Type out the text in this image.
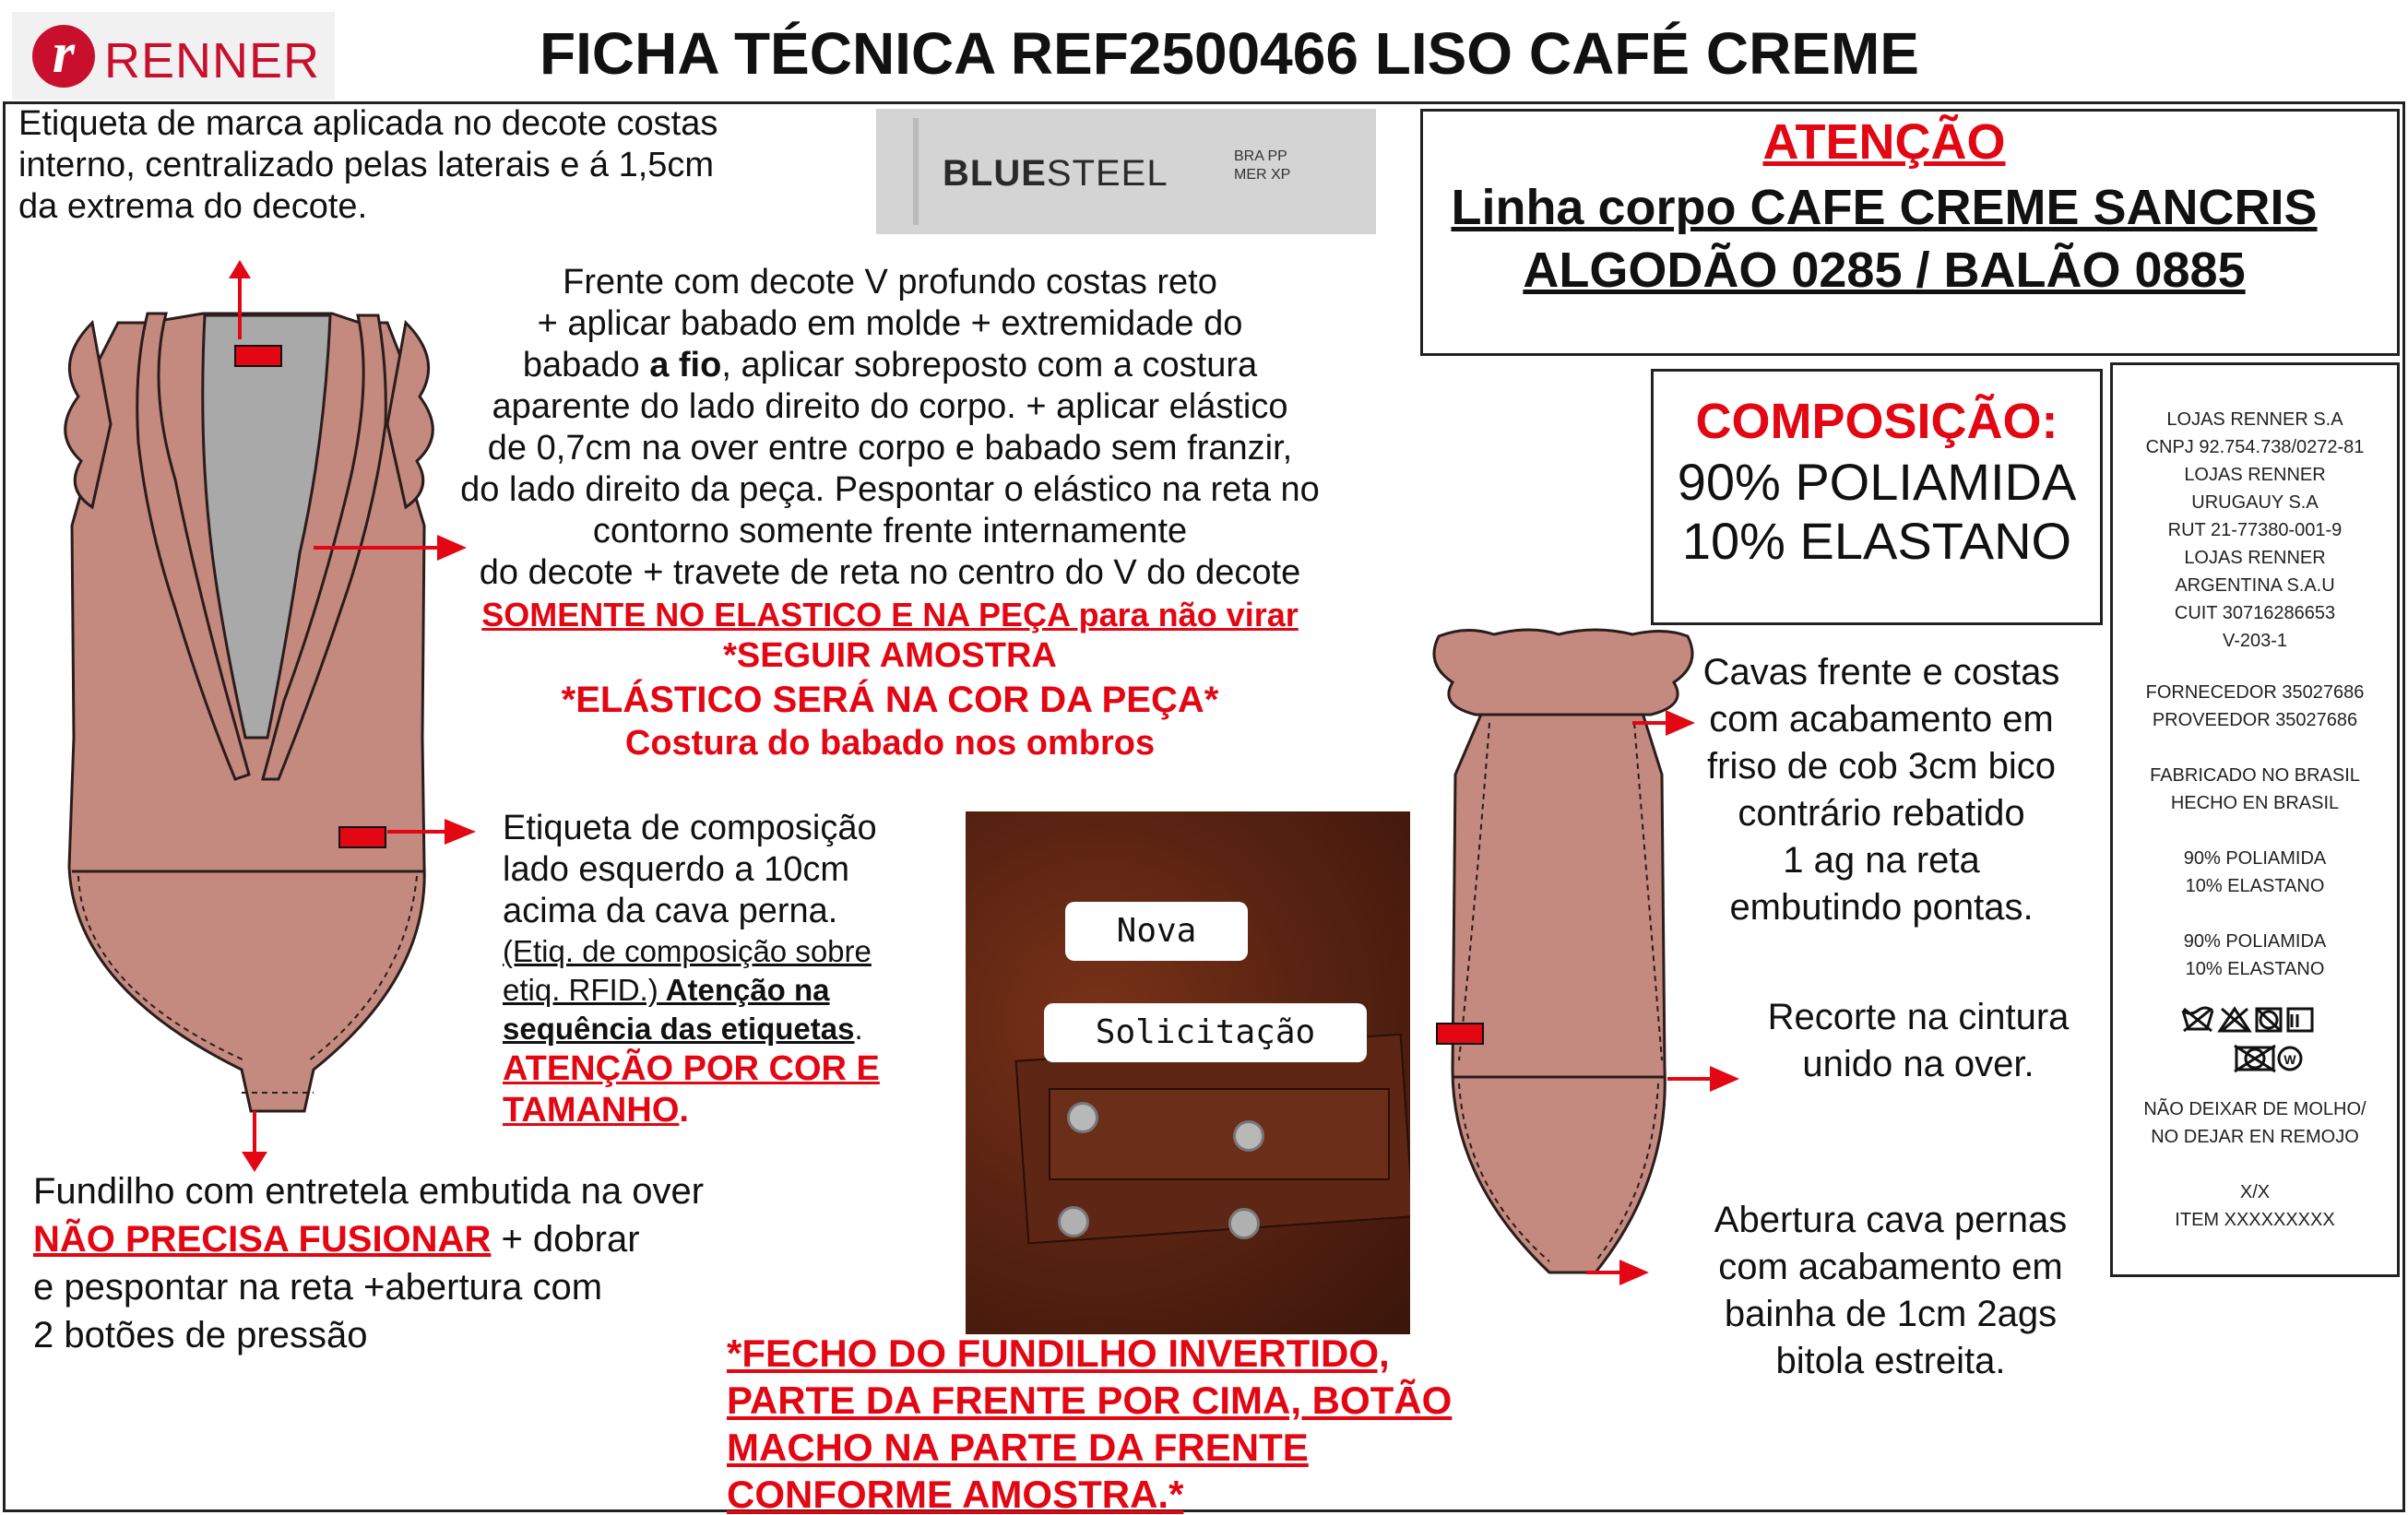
r RENNER	FICHA TÉCNICA REF2500466 LISO CAFÉ CREME
Etiqueta de marca aplicada no decote costas
interno, centralizado pelas laterais e á 1,5cm
da extrema do decote.
BLUESTEEL	BRA PP
MER XP
ATENÇÃO
Linha corpo CAFE CREME SANCRIS
ALGODÃO 0285 / BALÃO 0885
Frente com decote V profundo costas reto
+ aplicar babado em molde + extremidade do
babado a fio, aplicar sobreposto com a costura
aparente do lado direito do corpo. + aplicar elástico
de 0,7cm na over entre corpo e babado sem franzir,
do lado direito da peça. Pespontar o elástico na reta no
contorno somente frente internamente
do decote + travete de reta no centro do V do decote
SOMENTE NO ELASTICO E NA PEÇA para não virar
*SEGUIR AMOSTRA
*ELÁSTICO SERÁ NA COR DA PEÇA*
Costura do babado nos ombros
COMPOSIÇÃO:
90% POLIAMIDA
10% ELASTANO
LOJAS RENNER S.A
CNPJ 92.754.738/0272-81
LOJAS RENNER
URUGAUY S.A
RUT 21-77380-001-9
LOJAS RENNER
ARGENTINA S.A.U
CUIT 30716286653
V-203-1
FORNECEDOR 35027686
PROVEEDOR 35027686
FABRICADO NO BRASIL
HECHO EN BRASIL
90% POLIAMIDA
10% ELASTANO
90% POLIAMIDA
10% ELASTANO
W
NÃO DEIXAR DE MOLHO/
NO DEJAR EN REMOJO
X/X
ITEM XXXXXXXXX
Etiqueta de composição
lado esquerdo a 10cm
acima da cava perna.
(Etiq. de composição sobre
etiq. RFID.) Atenção na
sequência das etiquetas.
ATENÇÃO POR COR E
TAMANHO.
Nova
Solicitação
Fundilho com entretela embutida na over
NÃO PRECISA FUSIONAR + dobrar
e pespontar na reta +abertura com
2 botões de pressão	*FECHO DO FUNDILHO INVERTIDO,
PARTE DA FRENTE POR CIMA, BOTÃO
MACHO NA PARTE DA FRENTE
CONFORME AMOSTRA.*
Cavas frente e costas
com acabamento em
friso de cob 3cm bico
contrário rebatido
1 ag na reta
embutindo pontas.
Recorte na cintura
unido na over.
Abertura cava pernas
com acabamento em
bainha de 1cm 2ags
bitola estreita.
